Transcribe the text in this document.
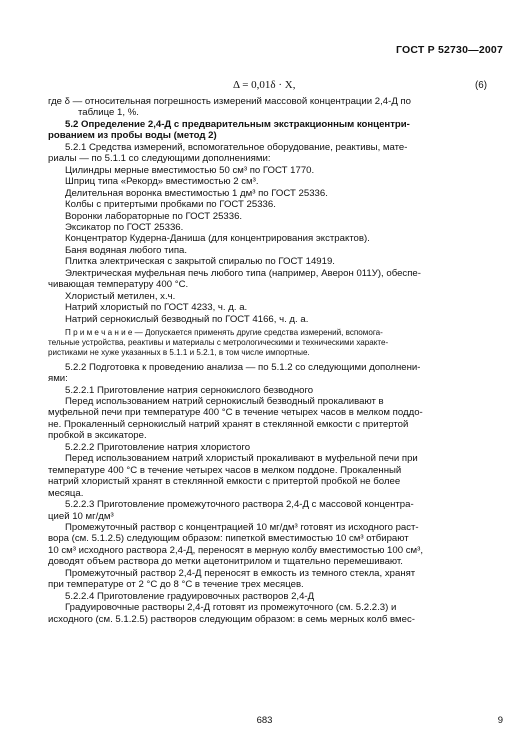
ГОСТ Р 52730—2007
Δ = 0,01δ · X,	(6)

где δ — относительная погрешность измерений массовой концентрации 2,4-Д по

таблице 1, %.

5.2 Определение 2,4-Д с предварительным экстракционным концентри-

рованием из пробы воды (метод 2)

5.2.1 Средства измерений, вспомогательное оборудование, реактивы, мате-

риалы — по 5.1.1 со следующими дополнениями:

Цилиндры мерные вместимостью 50 см³ по ГОСТ 1770.

Шприц типа «Рекорд» вместимостью 2 см³.

Делительная воронка вместимостью 1 дм³ по ГОСТ 25336.

Колбы с притертыми пробками по ГОСТ 25336.

Воронки лабораторные по ГОСТ 25336.

Эксикатор по ГОСТ 25336.

Концентратор Кудерна-Даниша (для концентрирования экстрактов).

Баня водяная любого типа.

Плитка электрическая с закрытой спиралью по ГОСТ 14919.

Электрическая муфельная печь любого типа (например, Аверон 011У), обеспе-

чивающая температуру 400 °С.

Хлористый метилен, х.ч.

Натрий хлористый по ГОСТ 4233, ч. д. а.

Натрий сернокислый безводный по ГОСТ 4166, ч. д. а.

П р и м е ч а н и е — Допускается применять другие средства измерений, вспомога-
тельные устройства, реактивы и материалы с метрологическими и техническими характе-
ристиками не хуже указанных в 5.1.1 и 5.2.1, в том числе импортные.

5.2.2 Подготовка к проведению анализа — по 5.1.2 со следующими дополнени-

ями:

5.2.2.1 Приготовление натрия сернокислого безводного

Перед использованием натрий сернокислый безводный прокаливают в

муфельной печи при температуре 400 °С в течение четырех часов в мелком поддо-

не. Прокаленный сернокислый натрий хранят в стеклянной емкости с притертой

пробкой в эксикаторе.

5.2.2.2 Приготовление натрия хлористого

Перед использованием натрий хлористый прокаливают в муфельной печи при

температуре 400 °С в течение четырех часов в мелком поддоне. Прокаленный

натрий хлористый хранят в стеклянной емкости с притертой пробкой не более

месяца.

5.2.2.3 Приготовление промежуточного раствора 2,4-Д с массовой концентра-

цией 10 мг/дм³

Промежуточный раствор с концентрацией 10 мг/дм³ готовят из исходного раст-

вора (см. 5.1.2.5) следующим образом: пипеткой вместимостью 10 см³ отбирают

10 см³ исходного раствора 2,4-Д, переносят в мерную колбу вместимостью 100 см³,

доводят объем раствора до метки ацетонитрилом и тщательно перемешивают.

Промежуточный раствор 2,4-Д переносят в емкость из темного стекла, хранят

при температуре от 2 °С до 8 °С в течение трех месяцев.

5.2.2.4 Приготовление градуировочных растворов 2,4-Д

Градуировочные растворы 2,4-Д готовят из промежуточного (см. 5.2.2.3) и

исходного (см. 5.1.2.5) растворов следующим образом: в семь мерных колб вмес-

683	9
